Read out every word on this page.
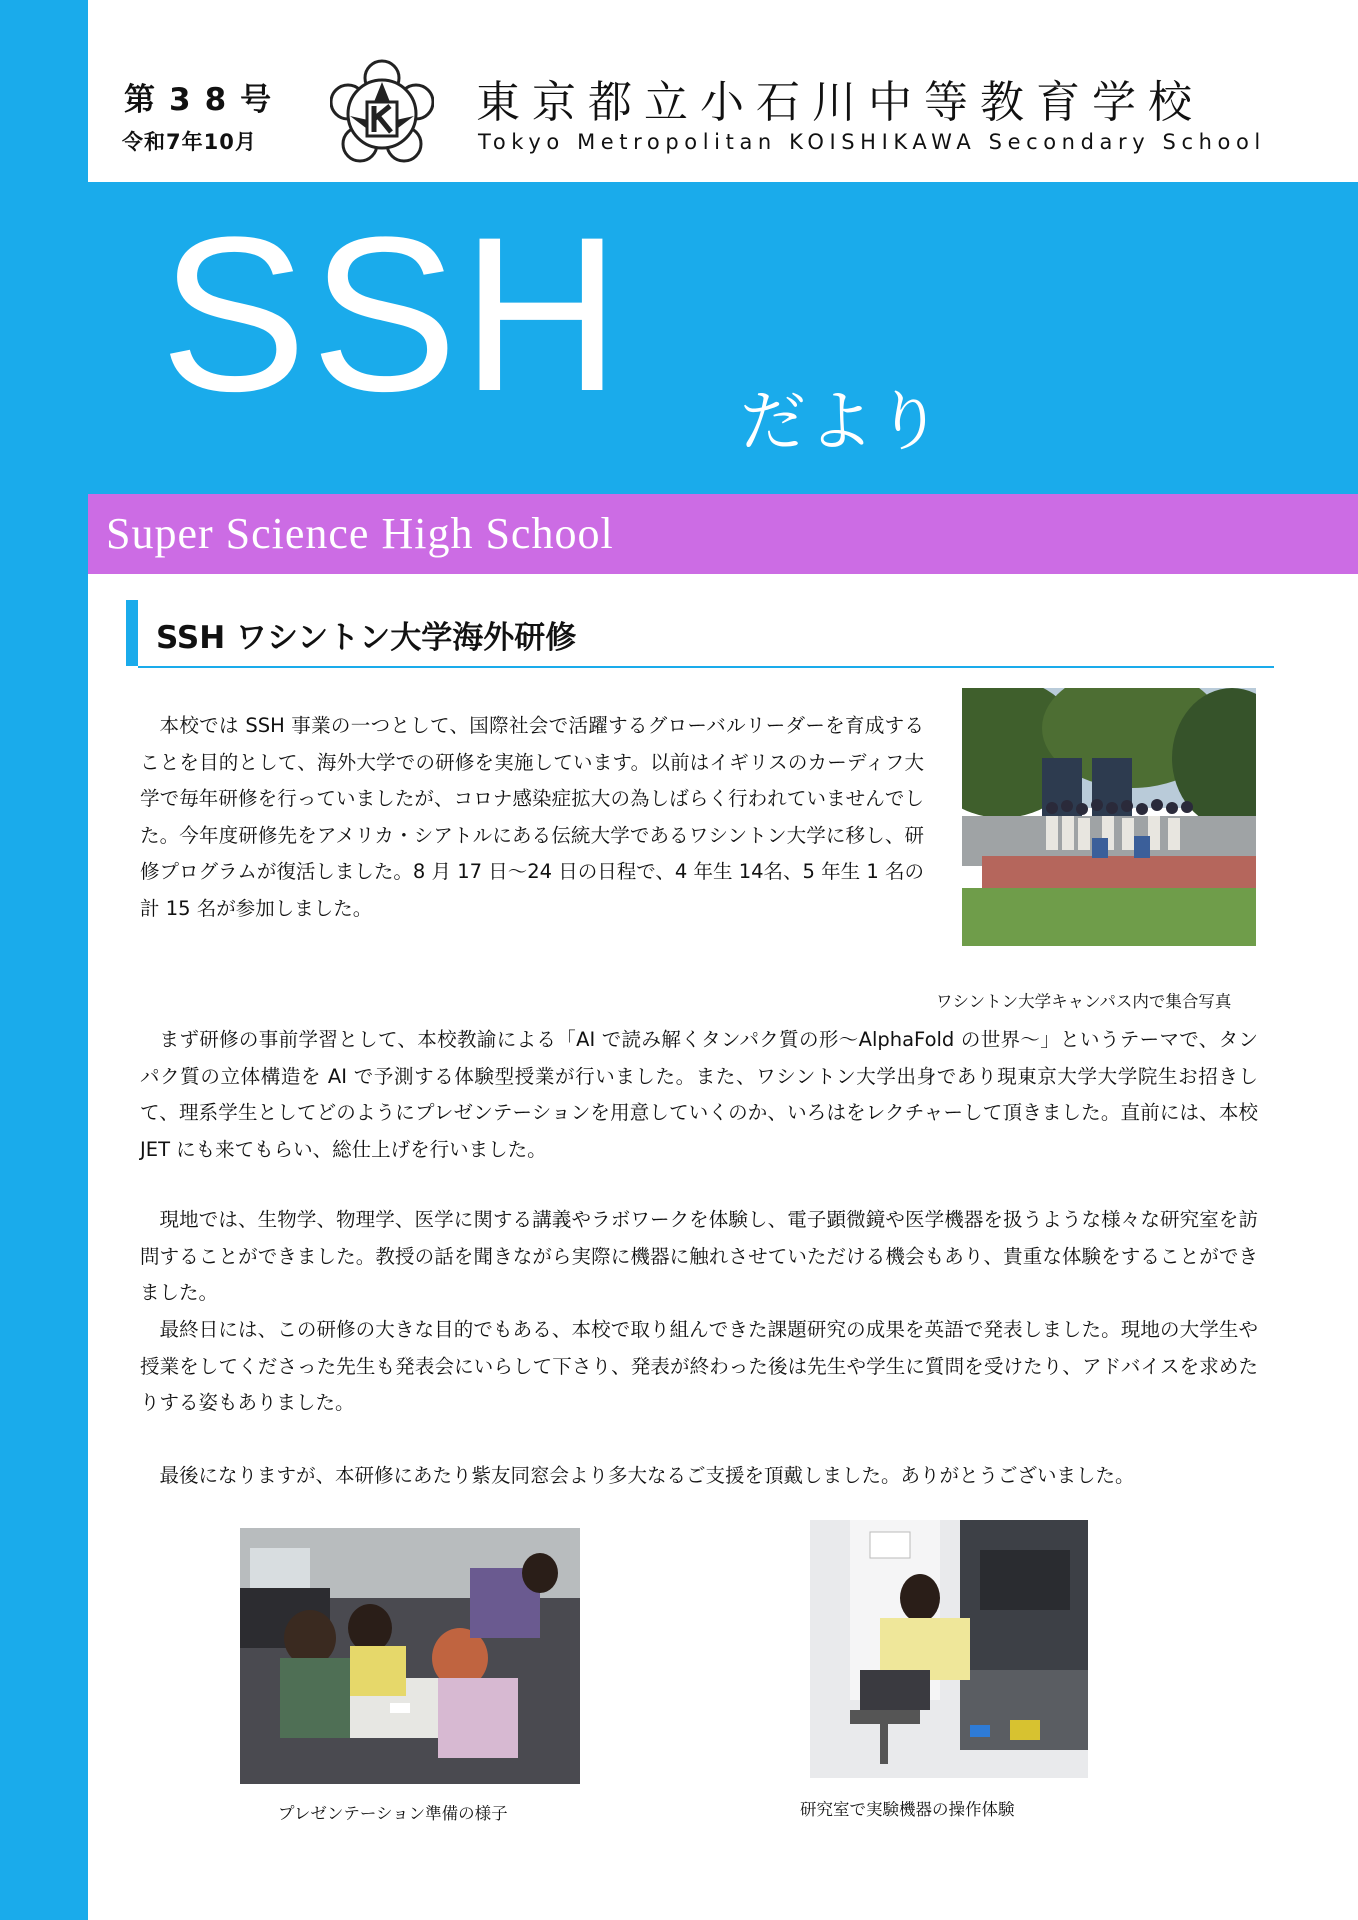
第38号
令和7年10月
東京都立小石川中等教育学校
Tokyo Metropolitan KOISHIKAWA Secondary School
SSH だより
Super Science High School
SSH ワシントン大学海外研修

本校では SSH 事業の一つとして、国際社会で活躍するグローバルリーダーを育成することを目的として、海外大学での研修を実施しています。以前はイギリスのカーディフ大学で毎年研修を行っていましたが、コロナ感染症拡大の為しばらく行われていませんでした。今年度研修先をアメリカ・シアトルにある伝統大学であるワシントン大学に移し、研修プログラムが復活しました。8 月 17 日～24 日の日程で、4 年生 14名、5 年生 1 名の計 15 名が参加しました。

ワシントン大学キャンパス内で集合写真

まず研修の事前学習として、本校教諭による「AI で読み解くタンパク質の形～AlphaFold の世界～」というテーマで、タンパク質の立体構造を AI で予測する体験型授業が行いました。また、ワシントン大学出身であり現東京大学大学院生お招きして、理系学生としてどのようにプレゼンテーションを用意していくのか、いろはをレクチャーして頂きました。直前には、本校 JET にも来てもらい、総仕上げを行いました。

現地では、生物学、物理学、医学に関する講義やラボワークを体験し、電子顕微鏡や医学機器を扱うような様々な研究室を訪問することができました。教授の話を聞きながら実際に機器に触れさせていただける機会もあり、貴重な体験をすることができました。

最終日には、この研修の大きな目的でもある、本校で取り組んできた課題研究の成果を英語で発表しました。現地の大学生や授業をしてくださった先生も発表会にいらして下さり、発表が終わった後は先生や学生に質問を受けたり、アドバイスを求めたりする姿もありました。

最後になりますが、本研修にあたり紫友同窓会より多大なるご支援を頂戴しました。ありがとうございました。

プレゼンテーション準備の様子	研究室で実験機器の操作体験
